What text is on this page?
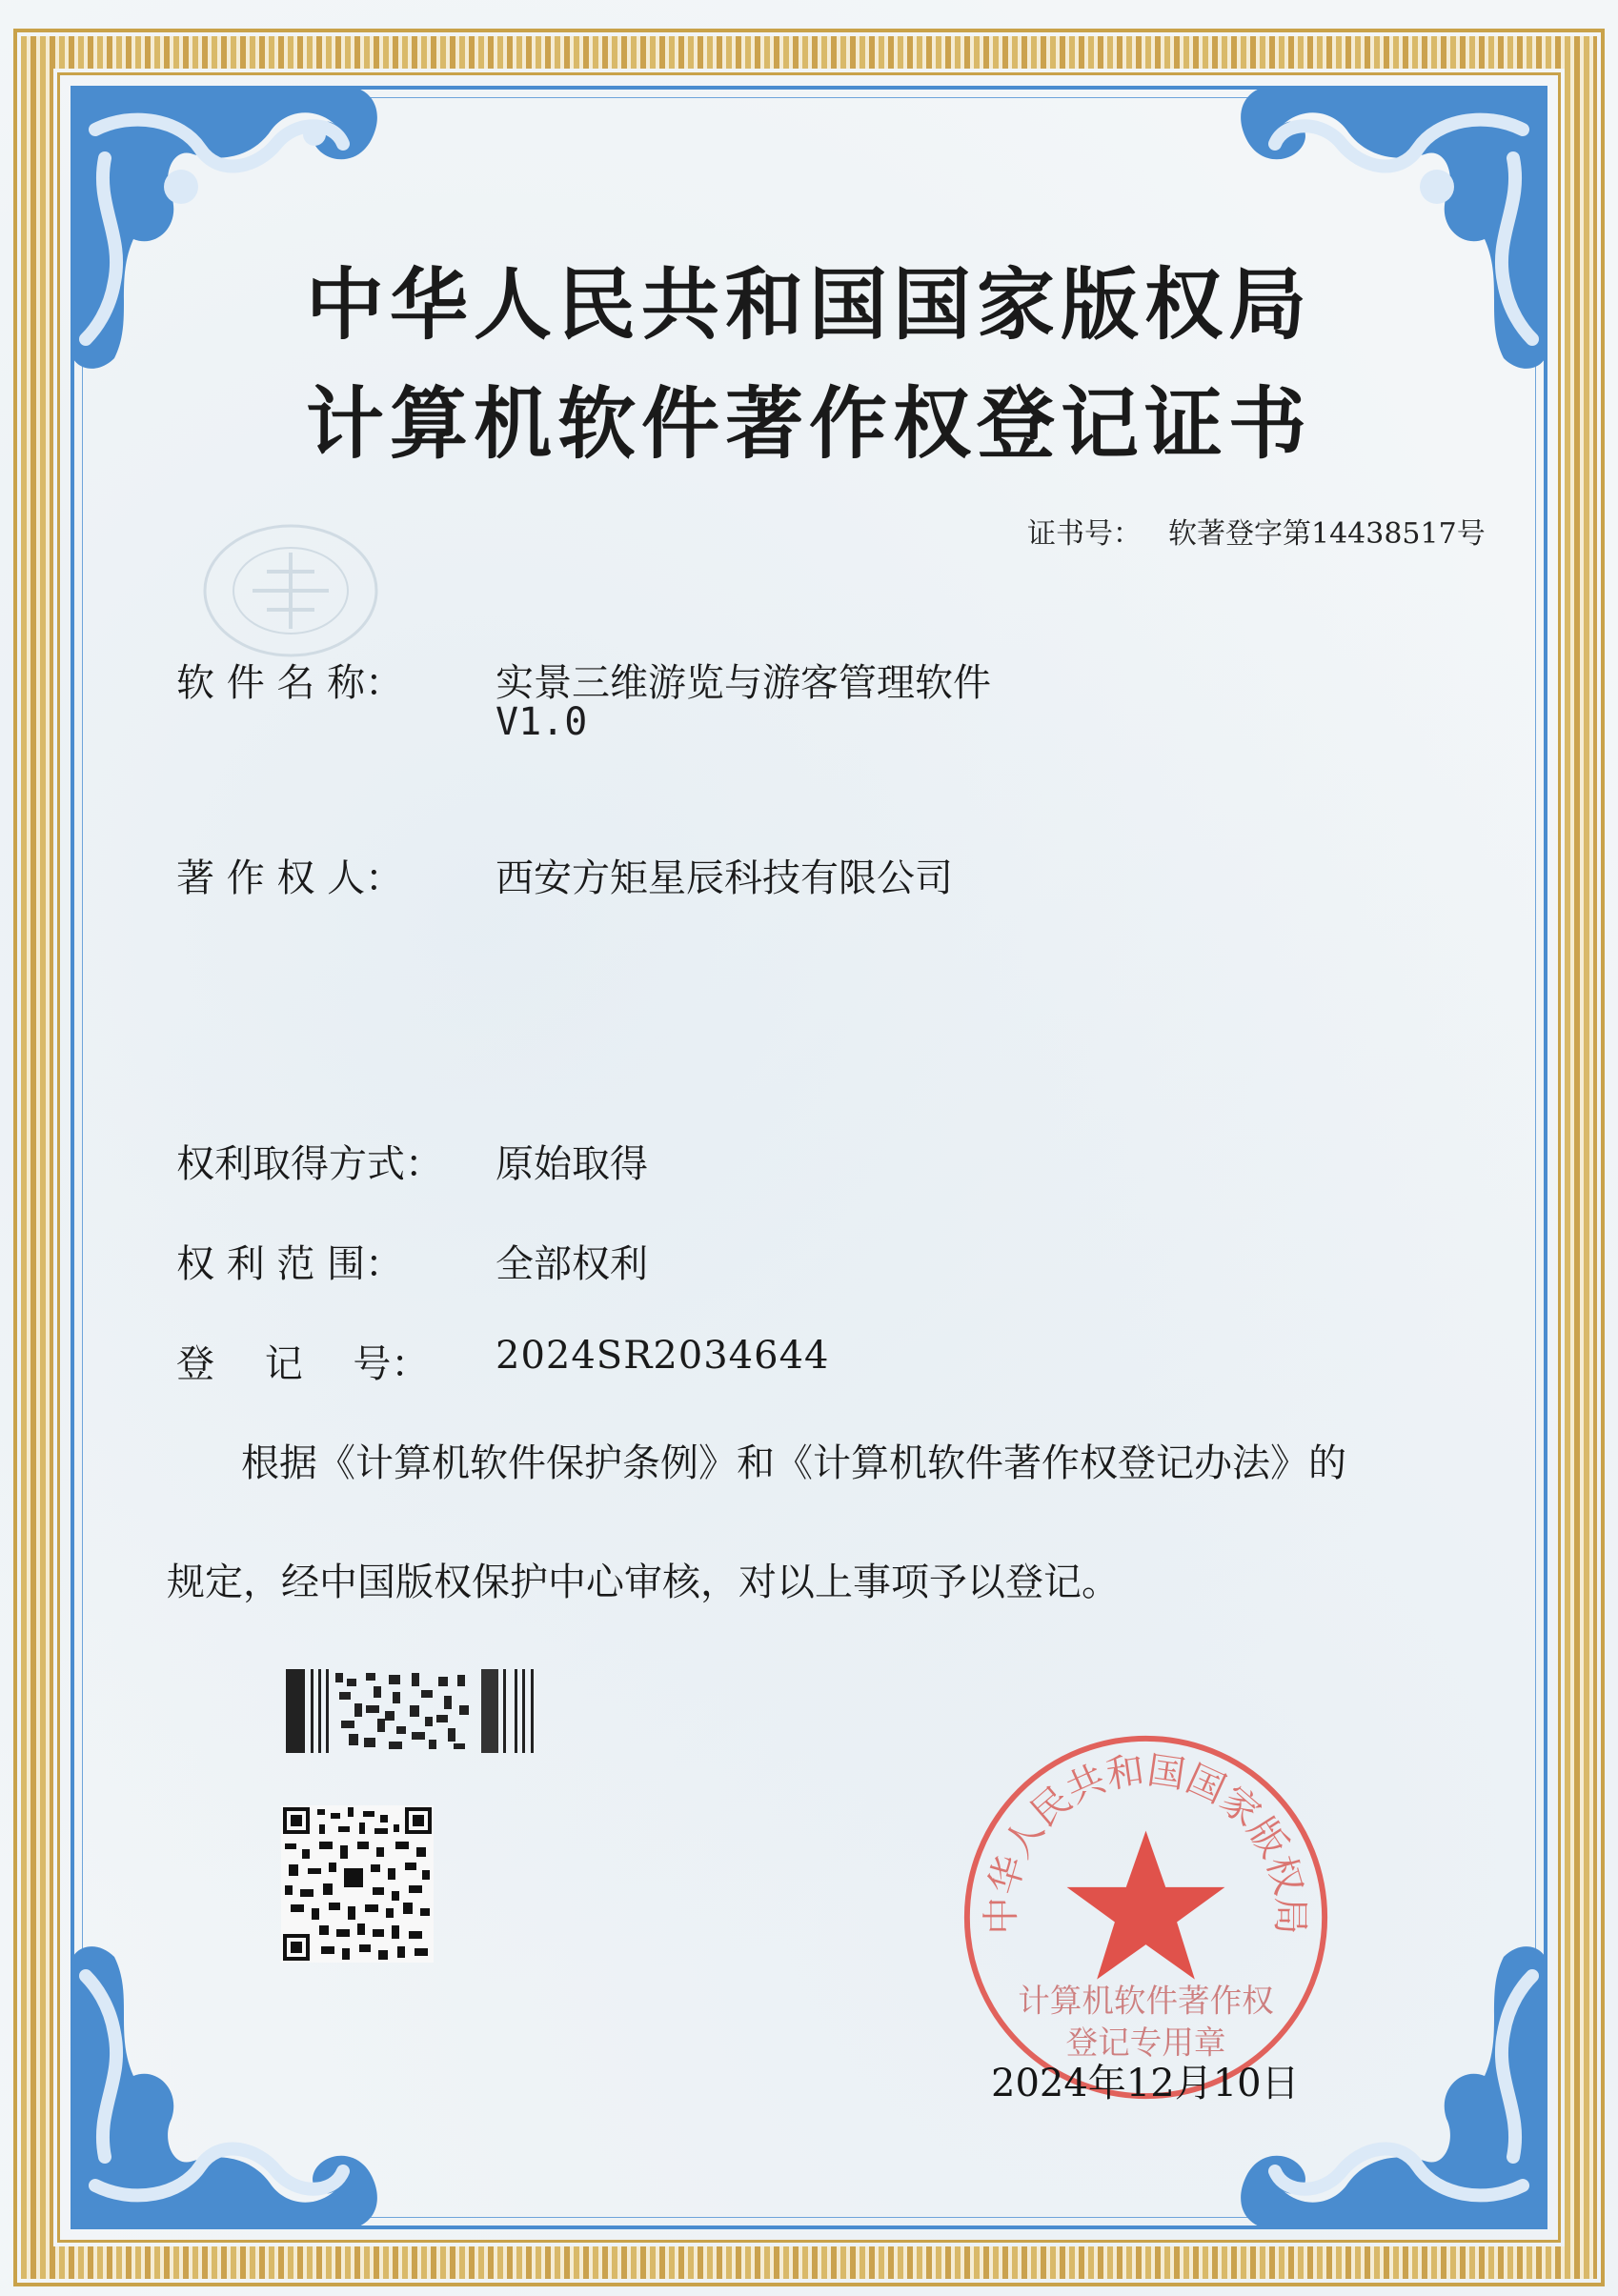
中华人民共和国国家版权局
计算机软件著作权登记证书
证书号： 软著登字第14438517号
软 件 名 称： 实景三维游览与游客管理软件
V1.0
著 作 权 人： 西安方矩星辰科技有限公司
权利取得方式： 原始取得
权 利 范 围： 全部权利
登　 记　 号： 2024SR2034644
根据《计算机软件保护条例》和《计算机软件著作权登记办法》的
规定，经中国版权保护中心审核，对以上事项予以登记。
中华人民共和国国家版权局
计算机软件著作权
登记专用章
2024年12月10日
